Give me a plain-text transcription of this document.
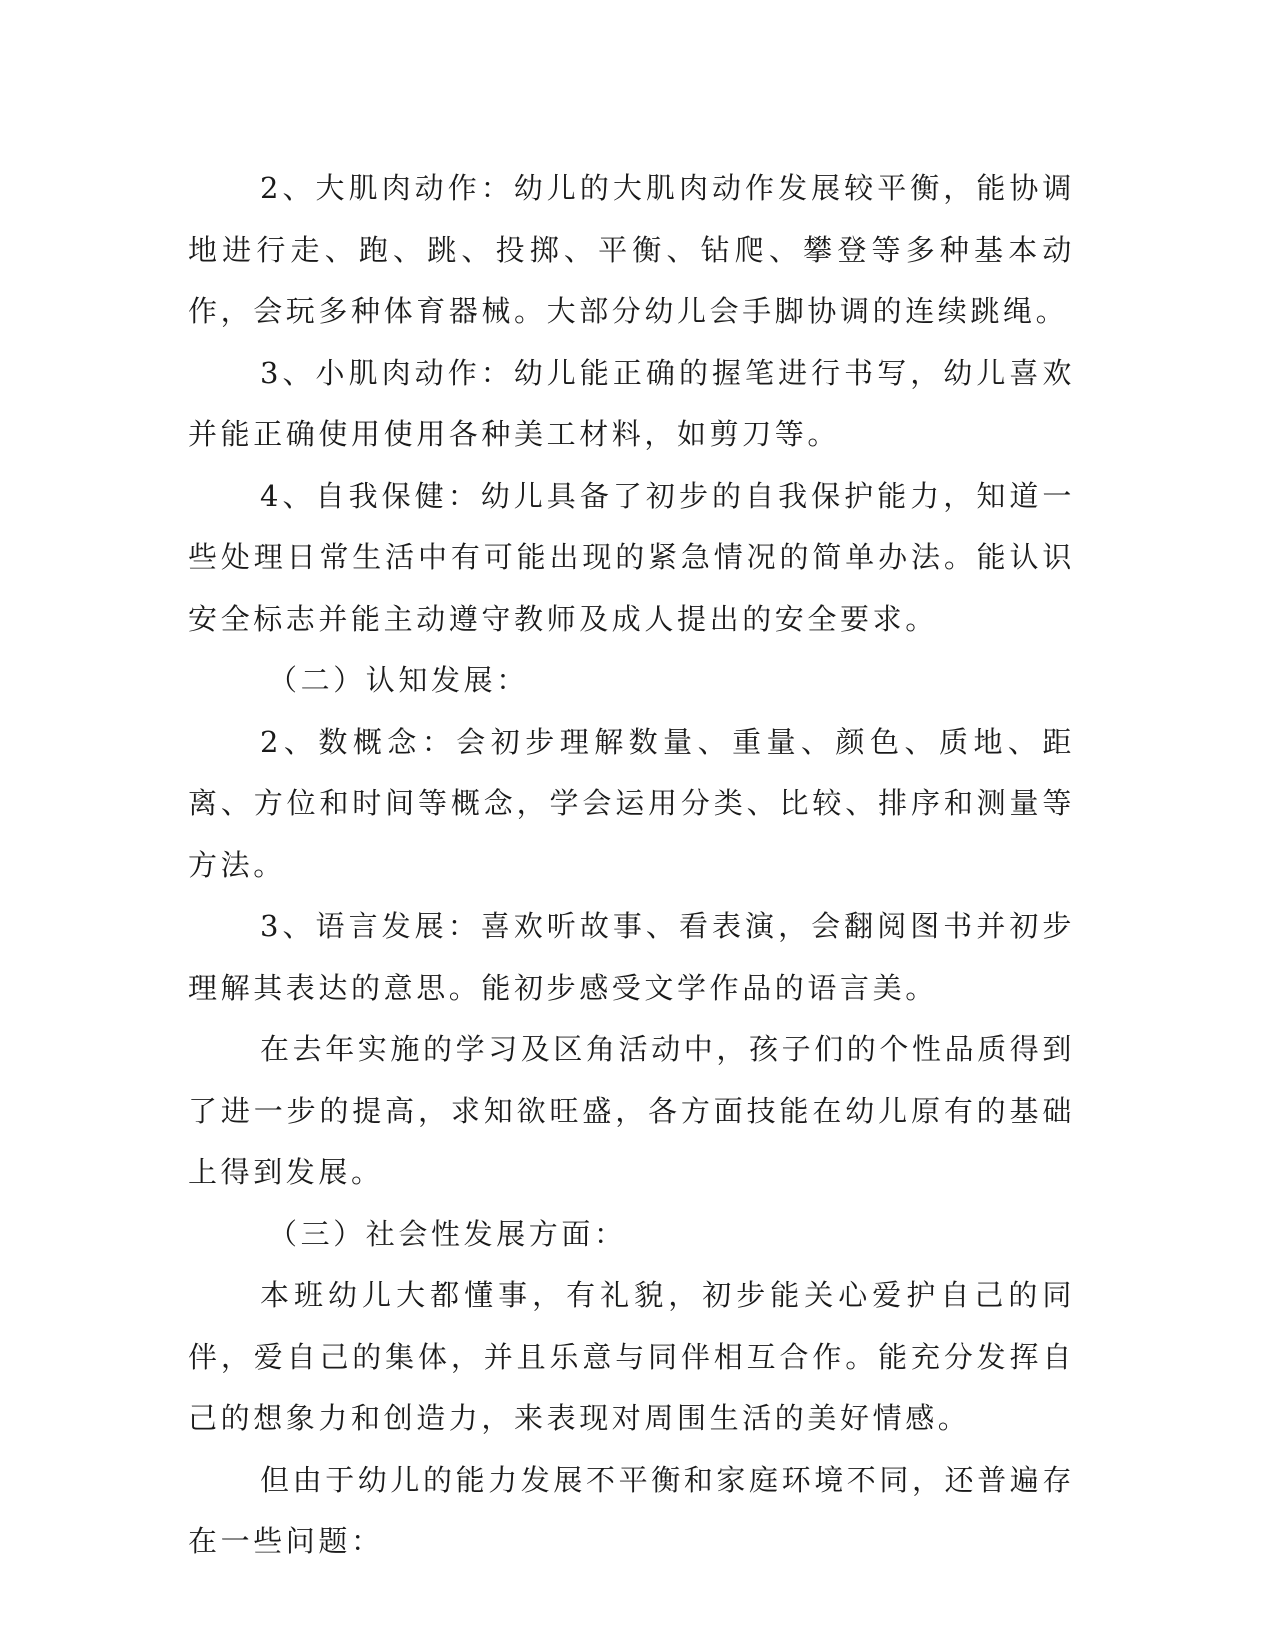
2、大肌肉动作：幼儿的大肌肉动作发展较平衡，能协调地进行走、跑、跳、投掷、平衡、钻爬、攀登等多种基本动作，会玩多种体育器械。大部分幼儿会手脚协调的连续跳绳。

3、小肌肉动作：幼儿能正确的握笔进行书写，幼儿喜欢并能正确使用使用各种美工材料，如剪刀等。

4、自我保健：幼儿具备了初步的自我保护能力，知道一些处理日常生活中有可能出现的紧急情况的简单办法。能认识安全标志并能主动遵守教师及成人提出的安全要求。

（二）认知发展：

2、数概念：会初步理解数量、重量、颜色、质地、距离、方位和时间等概念，学会运用分类、比较、排序和测量等方法。

3、语言发展：喜欢听故事、看表演，会翻阅图书并初步理解其表达的意思。能初步感受文学作品的语言美。

在去年实施的学习及区角活动中，孩子们的个性品质得到了进一步的提高，求知欲旺盛，各方面技能在幼儿原有的基础上得到发展。

（三）社会性发展方面：

本班幼儿大都懂事，有礼貌，初步能关心爱护自己的同伴，爱自己的集体，并且乐意与同伴相互合作。能充分发挥自己的想象力和创造力，来表现对周围生活的美好情感。

但由于幼儿的能力发展不平衡和家庭环境不同，还普遍存在一些问题：
